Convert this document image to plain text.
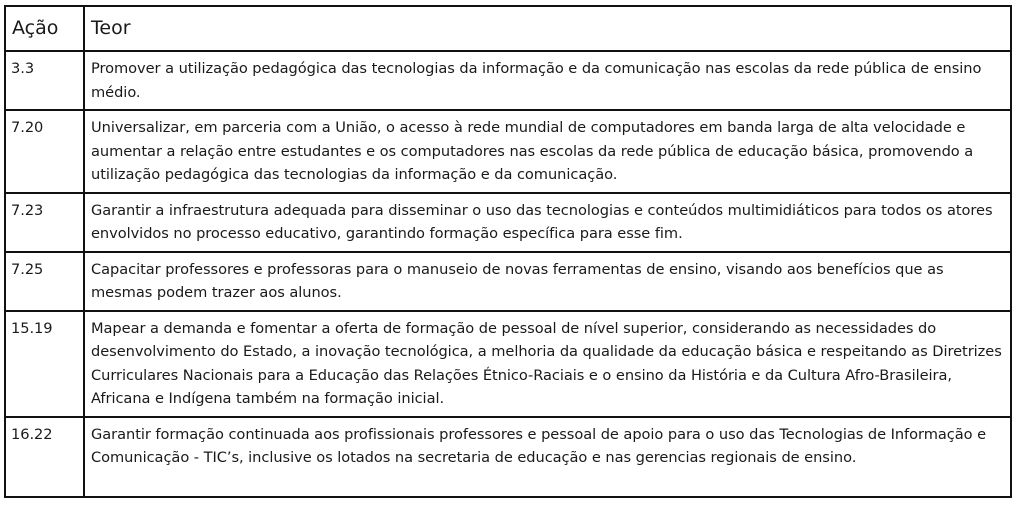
Ação	Teor
3.3	Promover a utilização pedagógica das tecnologias da informação e da comunicação nas escolas da rede pública de ensino médio.
7.20	Universalizar, em parceria com a União, o acesso à rede mundial de computadores em banda larga de alta velocidade e aumentar a relação entre estudantes e os computadores nas escolas da rede pública de educação básica, promovendo a utilização pedagógica das tecnologias da informação e da comunicação.
7.23	Garantir a infraestrutura adequada para disseminar o uso das tecnologias e conteúdos multimidiáticos para todos os atores envolvidos no processo educativo, garantindo formação específica para esse fim.
7.25	Capacitar professores e professoras para o manuseio de novas ferramentas de ensino, visando aos benefícios que as mesmas podem trazer aos alunos.
15.19	Mapear a demanda e fomentar a oferta de formação de pessoal de nível superior, considerando as necessidades do desenvolvimento do Estado, a inovação tecnológica, a melhoria da qualidade da educação básica e respeitando as Diretrizes Curriculares Nacionais para a Educação das Relações Étnico-Raciais e o ensino da História e da Cultura Afro-Brasileira, Africana e Indígena também na formação inicial.
16.22	Garantir formação continuada aos profissionais professores e pessoal de apoio para o uso das Tecnologias de Informação e Comunicação - TIC’s, inclusive os lotados na secretaria de educação e nas gerencias regionais de ensino.
